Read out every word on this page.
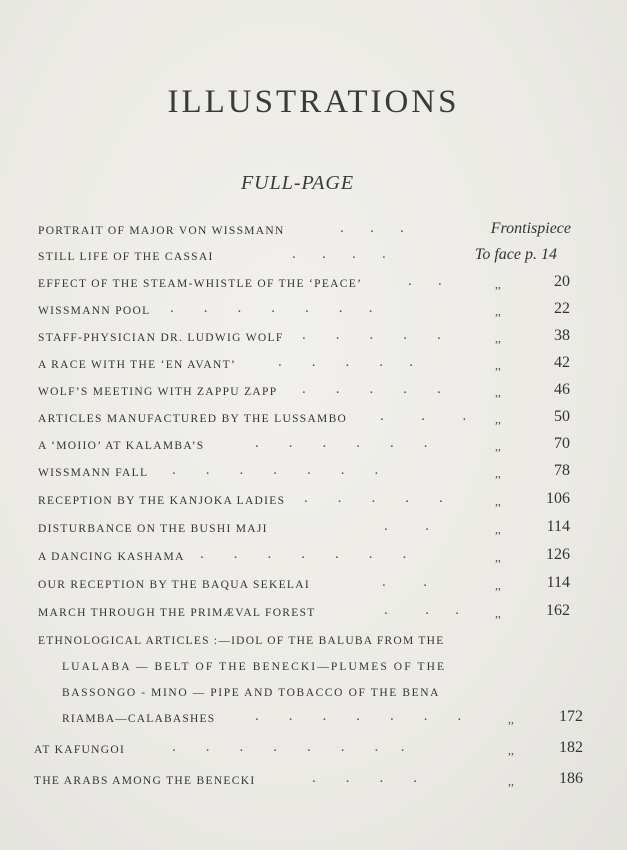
ILLUSTRATIONS
FULL-PAGE
PORTRAIT OF MAJOR VON WISSMANN	.       .       .	Frontispiece
STILL LIFE OF THE CASSAI	.       .       .       .	To face p. 14
EFFECT OF THE STEAM-WHISTLE OF THE ‘PEACE’	.       .	,,	20
WISSMANN POOL .        .        .        .        .        .       .	,,	22
STAFF-PHYSICIAN DR. LUDWIG WOLF .        .        .        .        .	,,	38
A RACE WITH THE ‘EN AVANT’	.        .        .        .       .	,,	42
WOLF’S MEETING WITH ZAPPU ZAPP .        .        .        .        .	,,	46
ARTICLES MANUFACTURED BY THE LUSSAMBO .          .          . ,,	50
A ‘MOIIO’ AT KALAMBA’S	.        .        .        .        .        .	,,	70
WISSMANN FALL .        .        .        .        .        .        .	,,	78
RECEPTION BY THE KANJOKA LADIES .        .        .        .        .	,,	106
DISTURBANCE ON THE BUSHI MAJI	.          .	,,	114
A DANCING KASHAMA .        .        .        .        .        .        .	,,	126
OUR RECEPTION BY THE BAQUA SEKELAI	.          .	,,	114
MARCH THROUGH THE PRIMÆVAL FOREST	.          .       .	,,	162
ETHNOLOGICAL ARTICLES :—IDOL OF THE BALUBA FROM THE
LUALABA — BELT OF THE BENECKI—PLUMES OF THE
BASSONGO - MINO — PIPE AND TOBACCO OF THE BENA
RIAMBA—CALABASHES	.        .        .        .        .        .        .	,,	172
AT KAFUNGOI	.        .        .        .        .        .        .      .	,,	182
THE ARABS AMONG THE BENECKI	.        .        .        .	,,	186
